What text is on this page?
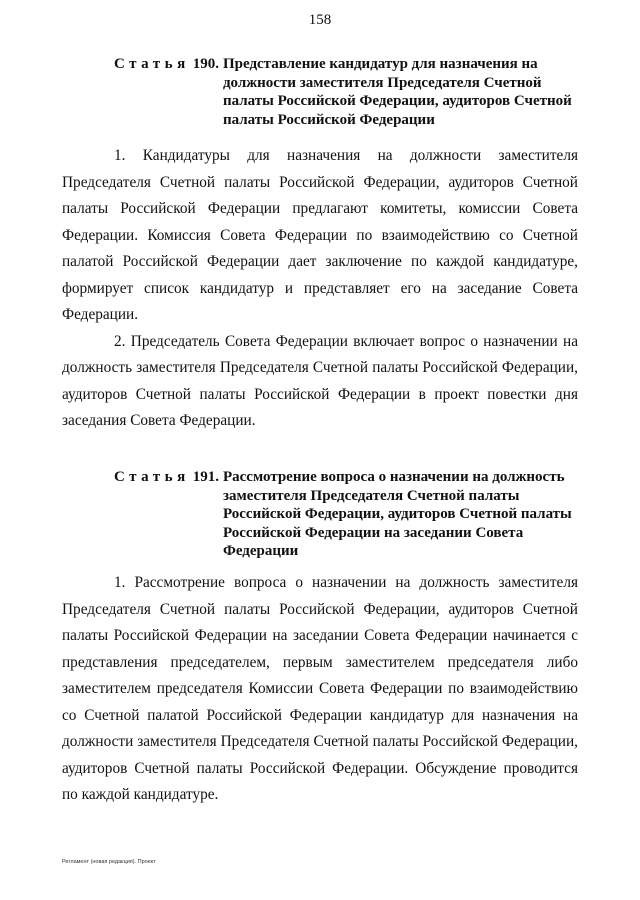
158
Статья 190. Представление кандидатур для назначения на должности заместителя Председателя Счетной палаты Российской Федерации, аудиторов Счетной палаты Российской Федерации

1. Кандидатуры для назначения на должности заместителя Председателя Счетной палаты Российской Федерации, аудиторов Счетной палаты Российской Федерации предлагают комитеты, комиссии Совета Федерации. Комиссия Совета Федерации по взаимодействию со Счетной палатой Российской Федерации дает заключение по каждой кандидатуре, формирует список кандидатур и представляет его на заседание Совета Федерации.

2. Председатель Совета Федерации включает вопрос о назначении на должность заместителя Председателя Счетной палаты Российской Федерации, аудиторов Счетной палаты Российской Федерации в проект повестки дня заседания Совета Федерации.

Статья 191. Рассмотрение вопроса о назначении на должность заместителя Председателя Счетной палаты Российской Федерации, аудиторов Счетной палаты Российской Федерации на заседании Совета Федерации

1. Рассмотрение вопроса о назначении на должность заместителя Председателя Счетной палаты Российской Федерации, аудиторов Счетной палаты Российской Федерации на заседании Совета Федерации начинается с представления председателем, первым заместителем председателя либо заместителем председателя Комиссии Совета Федерации по взаимодействию со Счетной палатой Российской Федерации кандидатур для назначения на должности заместителя Председателя Счетной палаты Российской Федерации, аудиторов Счетной палаты Российской Федерации. Обсуждение проводится по каждой кандидатуре.

Регламент (новая редакция). Проект
